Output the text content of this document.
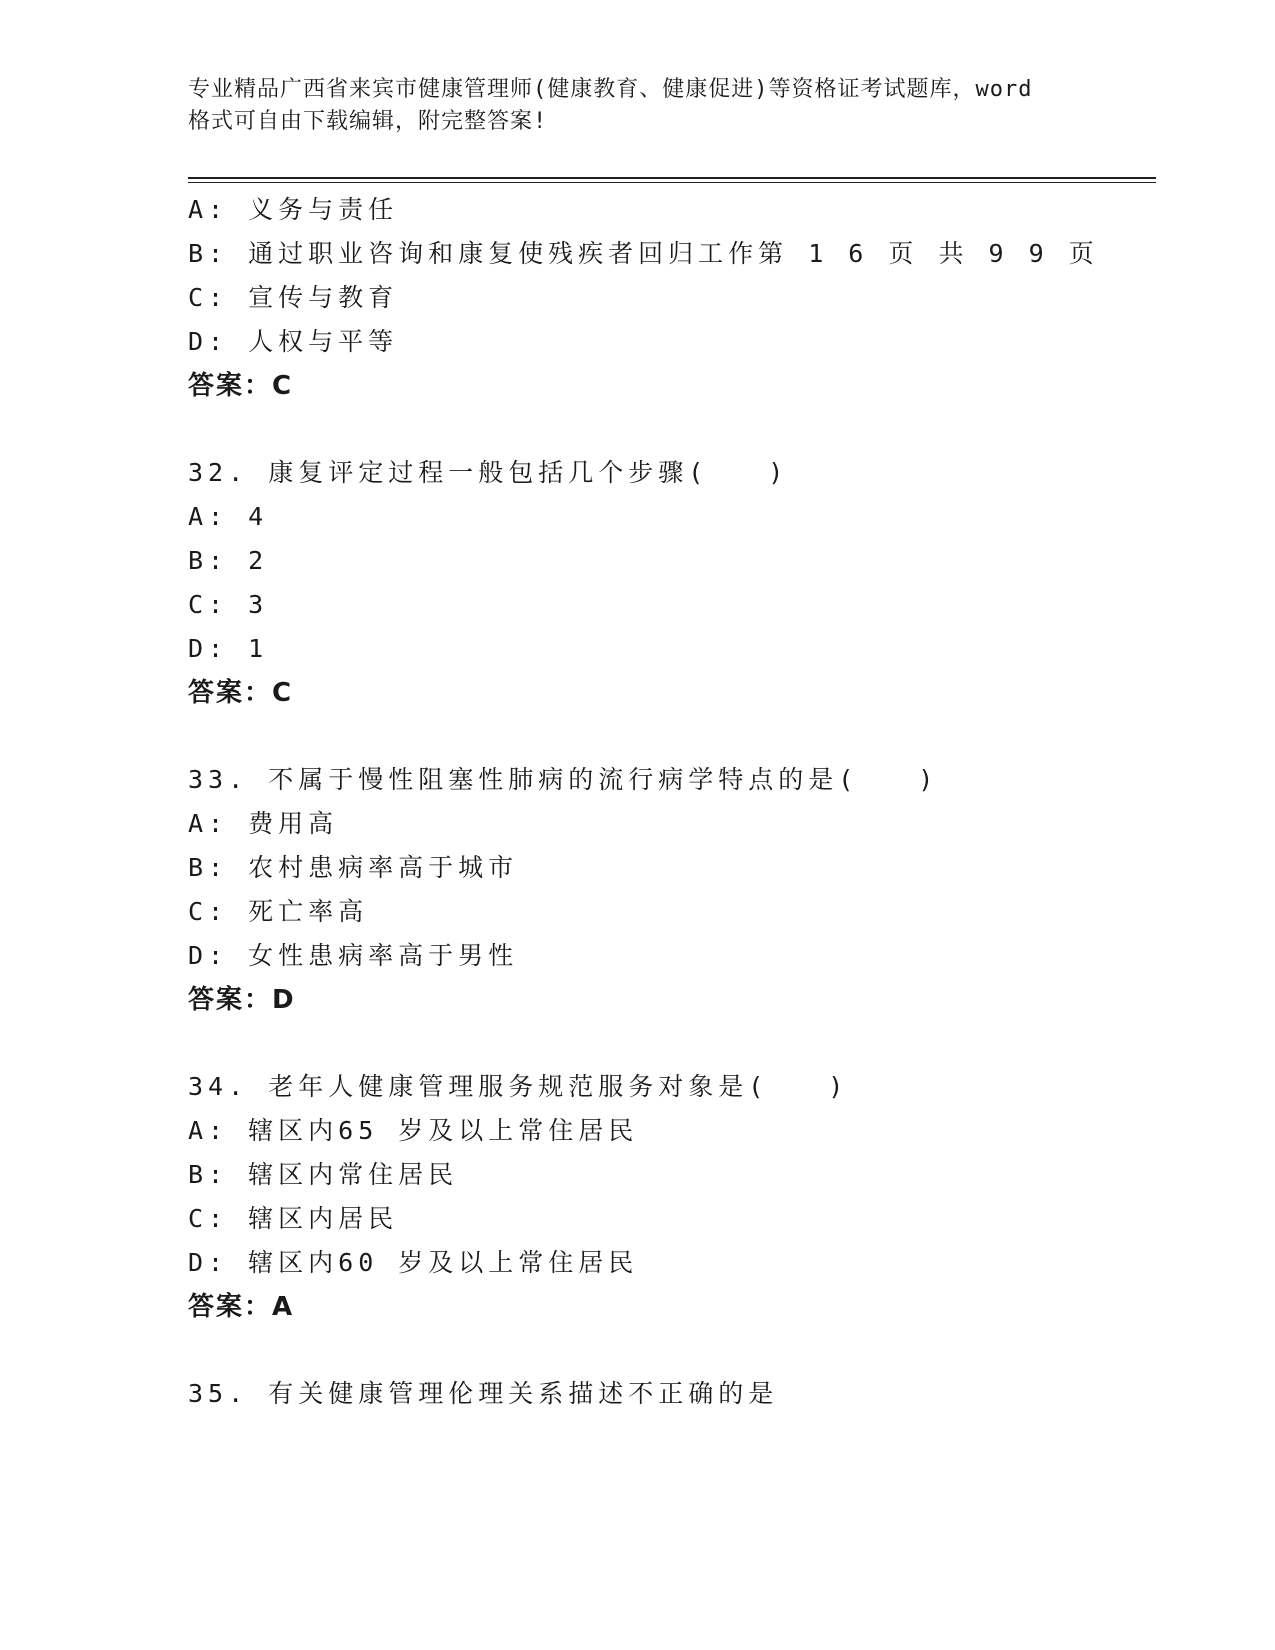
专业精品广西省来宾市健康管理师(健康教育、健康促进)等资格证考试题库，word
格式可自由下载编辑，附完整答案!
A: 义务与责任
B: 通过职业咨询和康复使残疾者回归工作第 1 6 页 共 9 9 页
C: 宣传与教育
D: 人权与平等
答案：C
32. 康复评定过程一般包括几个步骤(　　)
A: 4
B: 2
C: 3
D: 1
答案：C
33. 不属于慢性阻塞性肺病的流行病学特点的是(　　)
A: 费用高
B: 农村患病率高于城市
C: 死亡率高
D: 女性患病率高于男性
答案：D
34. 老年人健康管理服务规范服务对象是(　　)
A: 辖区内65 岁及以上常住居民
B: 辖区内常住居民
C: 辖区内居民
D: 辖区内60 岁及以上常住居民
答案：A
35. 有关健康管理伦理关系描述不正确的是
